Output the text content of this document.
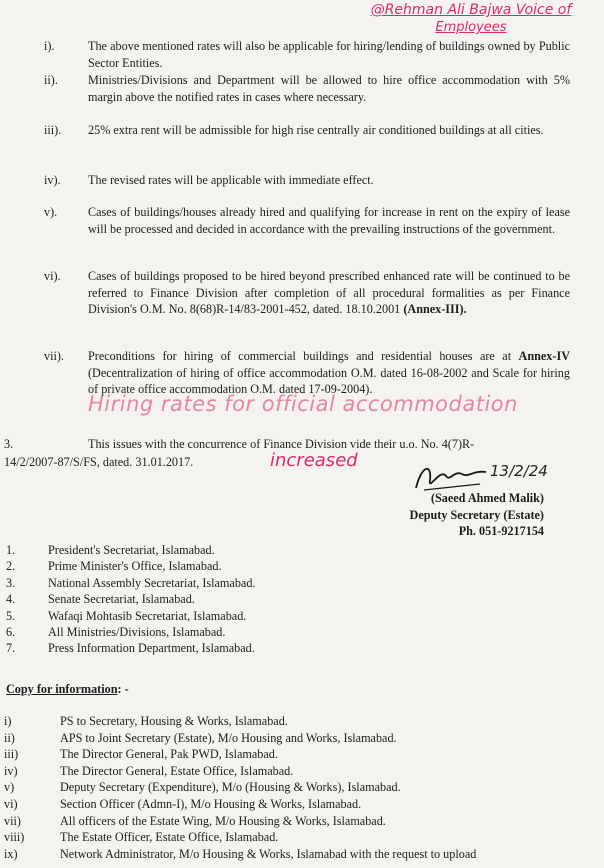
@Rehman Ali Bajwa Voice of
Employees
i).	The above mentioned rates will also be applicable for hiring/lending of buildings owned by Public Sector Entities.
ii). Ministries/Divisions and Department will be allowed to hire office accommodation with 5% margin above the notified rates in cases where necessary.
iii). 25% extra rent will be admissible for high rise centrally air conditioned buildings at all cities.
iv). The revised rates will be applicable with immediate effect.
v).	Cases of buildings/houses already hired and qualifying for increase in rent on the expiry of lease will be processed and decided in accordance with the prevailing instructions of the government.
vi). Cases of buildings proposed to be hired beyond prescribed enhanced rate will be continued to be referred to Finance Division after completion of all procedural formalities as per Finance Division's O.M. No. 8(68)R-14/83-2001-452, dated. 18.10.2001 (Annex-III).
vii). Preconditions for hiring of commercial buildings and residential houses are at Annex-IV (Decentralization of hiring of office accommodation O.M. dated 16-08-2002 and Scale for hiring of private office accommodation O.M. dated 17-09-2004).
Hiring rates for official accommodation
3.	This issues with the concurrence of Finance Division vide their u.o. No. 4(7)R-
14/2/2007-87/S/FS, dated. 31.01.2017.	increased	13/2/24
(Saeed Ahmed Malik)
Deputy Secretary (Estate)
Ph. 051-9217154
1.	President's Secretariat, Islamabad.
2.	Prime Minister's Office, Islamabad.
3.	National Assembly Secretariat, Islamabad.
4.	Senate Secretariat, Islamabad.
5.	Wafaqi Mohtasib Secretariat, Islamabad.
6.	All Ministries/Divisions, Islamabad.
7.	Press Information Department, Islamabad.
Copy for information: -
i)	PS to Secretary, Housing & Works, Islamabad.
ii)	APS to Joint Secretary (Estate), M/o Housing and Works, Islamabad.
iii)	The Director General, Pak PWD, Islamabad.
iv)	The Director General, Estate Office, Islamabad.
v)	Deputy Secretary (Expenditure), M/o (Housing & Works), Islamabad.
vi)	Section Officer (Admn-I), M/o Housing & Works, Islamabad.
vii)	All officers of the Estate Wing, M/o Housing & Works, Islamabad.
viii)	The Estate Officer, Estate Office, Islamabad.
ix)	Network Administrator, M/o Housing & Works, Islamabad with the request to upload
